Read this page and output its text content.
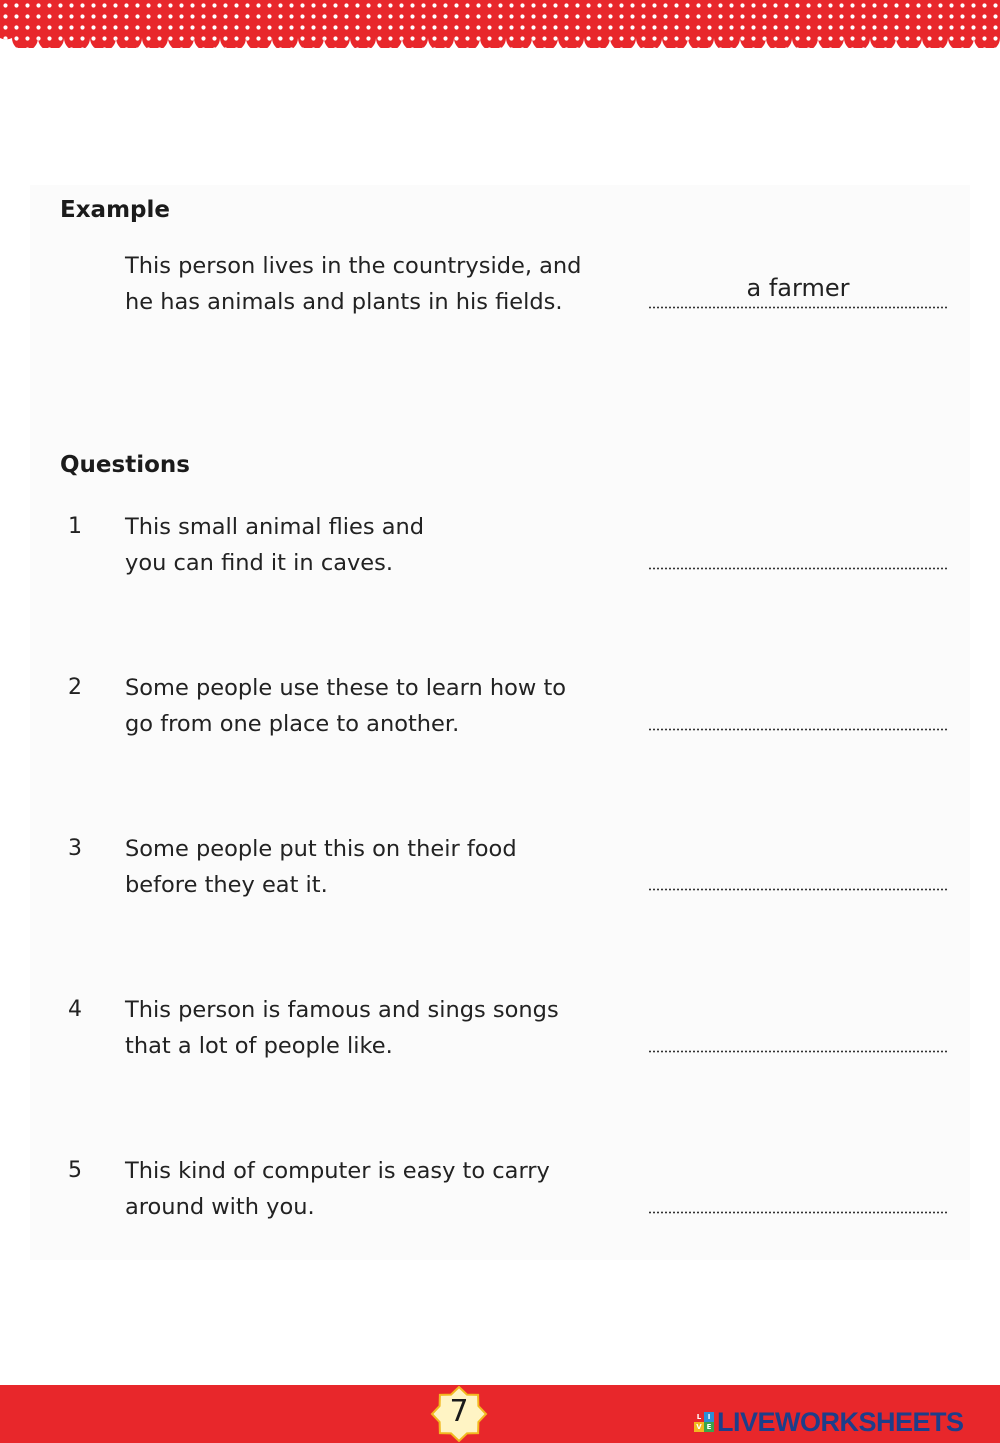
Example
This person lives in the countryside, and
he has animals and plants in his fields.	a farmer
Questions
1 This small animal flies and
you can find it in caves.
2 Some people use these to learn how to
go from one place to another.
3 Some people put this on their food
before they eat it.
4 This person is famous and sings songs
that a lot of people like.
5 This kind of computer is easy to carry
around with you.
7	L I
V E LIVEWORKSHEETS
